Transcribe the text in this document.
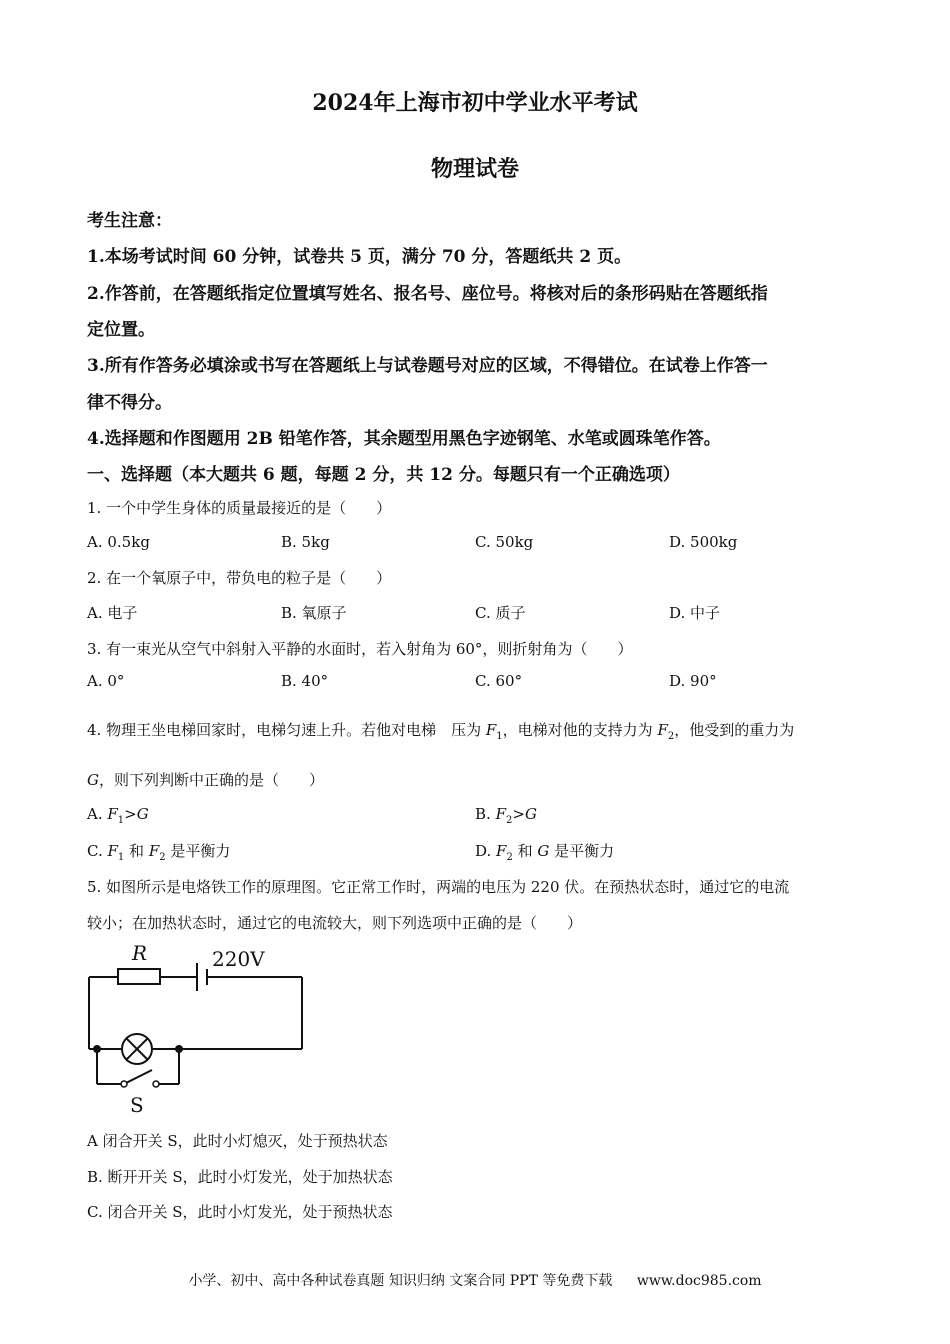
2024年上海市初中学业水平考试
物理试卷
考生注意：
1.本场考试时间 60 分钟，试卷共 5 页，满分 70 分，答题纸共 2 页。
2.作答前，在答题纸指定位置填写姓名、报名号、座位号。将核对后的条形码贴在答题纸指
定位置。
3.所有作答务必填涂或书写在答题纸上与试卷题号对应的区域，不得错位。在试卷上作答一
律不得分。
4.选择题和作图题用 2B 铅笔作答，其余题型用黑色字迹钢笔、水笔或圆珠笔作答。
一、选择题（本大题共 6 题，每题 2 分，共 12 分。每题只有一个正确选项）
1. 一个中学生身体的质量最接近的是（　　）
A. 0.5kg	B. 5kg	C. 50kg	D. 500kg
2. 在一个氧原子中，带负电的粒子是（　　）
A. 电子	B. 氧原子	C. 质子	D. 中子
3. 有一束光从空气中斜射入平静的水面时，若入射角为 60°，则折射角为（　　）
A. 0°	B. 40°	C. 60°	D. 90°
4. 物理王坐电梯回家时，电梯匀速上升。若他对电梯　压为 $F_1$，电梯对他的支持力为 $F_2$，他受到的重力为
G，则下列判断中正确的是（　　）
A. $F_1>G$	B. $F_2>G$
C. $F_1$ 和 $F_2$ 是平衡力	D. $F_2$ 和 G 是平衡力
5. 如图所示是电烙铁工作的原理图。它正常工作时，两端的电压为 220 伏。在预热状态时，通过它的电流
较小；在加热状态时，通过它的电流较大，则下列选项中正确的是（　　）
R	220V
S
A 闭合开关 S，此时小灯熄灭，处于预热状态
B. 断开开关 S，此时小灯发光，处于加热状态
C. 闭合开关 S，此时小灯发光，处于预热状态
小学、初中、高中各种试卷真题 知识归纳 文案合同 PPT 等免费下载 www.doc985.com
